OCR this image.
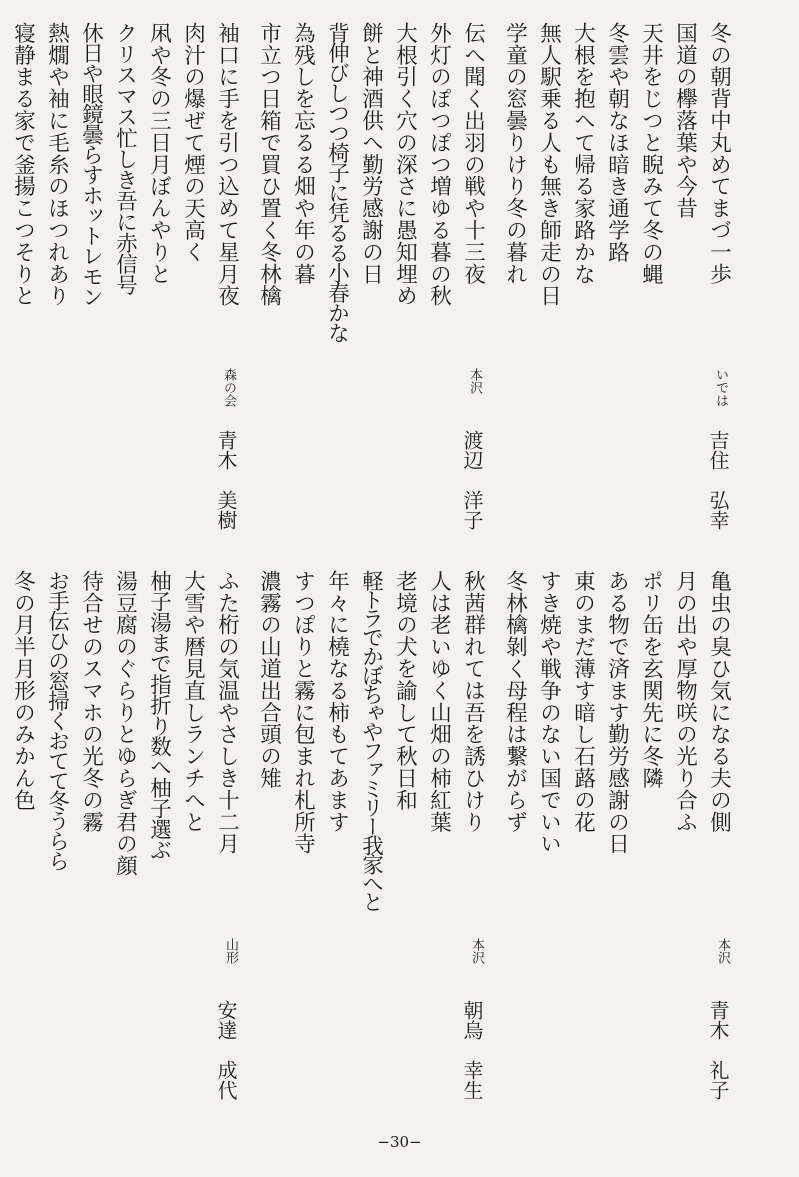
いでは
吉住　弘幸
冬の朝背中丸めてまづ一歩
国道の欅落葉や今昔
天井をじつと睨みて冬の蝿
冬雲や朝なほ暗き通学路
大根を抱へて帰る家路かな
無人駅乗る人も無き師走の日
学童の窓曇りけり冬の暮れ
本沢
渡辺　洋子
伝へ聞く出羽の戦や十三夜
外灯のぽつぽつ増ゆる暮の秋
大根引く穴の深さに愚知埋め
餅と神酒供へ勤労感謝の日
背伸びしつつ椅子に凭るる小春かな
為残しを忘るる畑や年の暮
市立つ日箱で買ひ置く冬林檎
森の会
青木　美樹
袖口に手を引つ込めて星月夜
肉汁の爆ぜて煙の天高く
凩や冬の三日月ぼんやりと
クリスマス忙しき吾に赤信号
休日や眼鏡曇らすホットレモン
熱燗や袖に毛糸のほつれあり
寝静まる家で釜揚こつそりと
本沢
青木　礼子
亀虫の臭ひ気になる夫の側
月の出や厚物咲の光り合ふ
ポリ缶を玄関先に冬隣
ある物で済ます勤労感謝の日
東のまだ薄す暗し石蕗の花
すき焼や戦争のない国でいい
冬林檎剝く母程は繋がらず
本沢
朝烏　幸生
秋茜群れては吾を誘ひけり
人は老いゆく山畑の柿紅葉
老境の犬を諭して秋日和
軽トラでかぼちゃやファミリー我家へと
年々に橈なる柿もてあます
すつぽりと霧に包まれ札所寺
濃霧の山道出合頭の雉
山形
安達　成代
ふた桁の気温やさしき十二月
大雪や暦見直しランチへと
柚子湯まで指折り数へ柚子選ぶ
湯豆腐のぐらりとゆらぎ君の顔
待合せのスマホの光冬の霧
お手伝ひの窓掃くおてて冬うらら
冬の月半月形のみかん色
−30−
